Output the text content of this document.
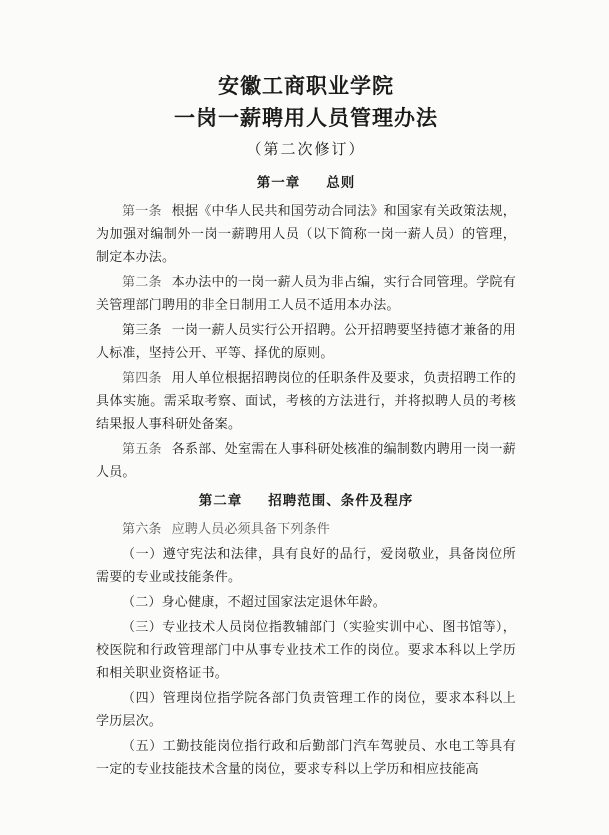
安徽工商职业学院
一岗一薪聘用人员管理办法
（第二次修订）
第一章 总则

第一条 根据《中华人民共和国劳动合同法》和国家有关政策法规，为加强对编制外一岗一薪聘用人员（以下简称一岗一薪人员）的管理，制定本办法。

第二条 本办法中的一岗一薪人员为非占编，实行合同管理。学院有关管理部门聘用的非全日制用工人员不适用本办法。

第三条 一岗一薪人员实行公开招聘。公开招聘要坚持德才兼备的用人标准，坚持公开、平等、择优的原则。

第四条 用人单位根据招聘岗位的任职条件及要求，负责招聘工作的具体实施。需采取考察、面试，考核的方法进行，并将拟聘人员的考核结果报人事科研处备案。

第五条 各系部、处室需在人事科研处核准的编制数内聘用一岗一薪人员。

第二章 招聘范围、条件及程序

第六条 应聘人员必须具备下列条件

（一）遵守宪法和法律，具有良好的品行，爱岗敬业，具备岗位所需要的专业或技能条件。

（二）身心健康，不超过国家法定退休年龄。

（三）专业技术人员岗位指教辅部门（实验实训中心、图书馆等），校医院和行政管理部门中从事专业技术工作的岗位。要求本科以上学历和相关职业资格证书。

（四）管理岗位指学院各部门负责管理工作的岗位，要求本科以上学历层次。

（五）工勤技能岗位指行政和后勤部门汽车驾驶员、水电工等具有一定的专业技能技术含量的岗位，要求专科以上学历和相应技能高
